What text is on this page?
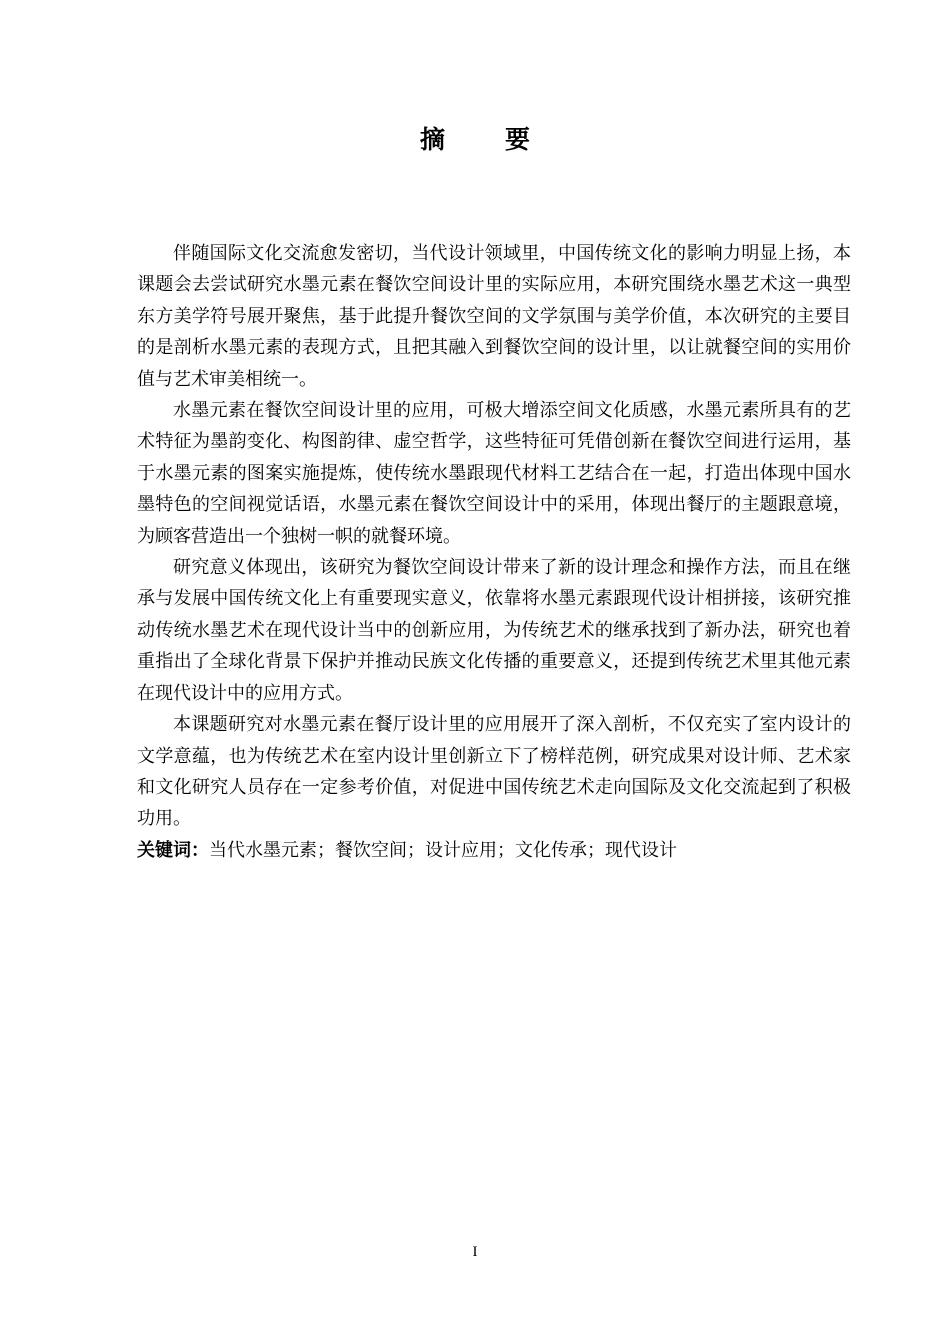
摘 要

伴随国际文化交流愈发密切，当代设计领域里，中国传统文化的影响力明显上扬，本课题会去尝试研究水墨元素在餐饮空间设计里的实际应用，本研究围绕水墨艺术这一典型东方美学符号展开聚焦，基于此提升餐饮空间的文学氛围与美学价值，本次研究的主要目的是剖析水墨元素的表现方式，且把其融入到餐饮空间的设计里，以让就餐空间的实用价值与艺术审美相统一。

水墨元素在餐饮空间设计里的应用，可极大增添空间文化质感，水墨元素所具有的艺术特征为墨韵变化、构图韵律、虚空哲学，这些特征可凭借创新在餐饮空间进行运用，基于水墨元素的图案实施提炼，使传统水墨跟现代材料工艺结合在一起，打造出体现中国水墨特色的空间视觉话语，水墨元素在餐饮空间设计中的采用，体现出餐厅的主题跟意境，为顾客营造出一个独树一帜的就餐环境。

研究意义体现出，该研究为餐饮空间设计带来了新的设计理念和操作方法，而且在继承与发展中国传统文化上有重要现实意义，依靠将水墨元素跟现代设计相拼接，该研究推动传统水墨艺术在现代设计当中的创新应用，为传统艺术的继承找到了新办法，研究也着重指出了全球化背景下保护并推动民族文化传播的重要意义，还提到传统艺术里其他元素在现代设计中的应用方式。

本课题研究对水墨元素在餐厅设计里的应用展开了深入剖析，不仅充实了室内设计的文学意蕴，也为传统艺术在室内设计里创新立下了榜样范例，研究成果对设计师、艺术家和文化研究人员存在一定参考价值，对促进中国传统艺术走向国际及文化交流起到了积极功用。

关键词：当代水墨元素；餐饮空间；设计应用；文化传承；现代设计

I
